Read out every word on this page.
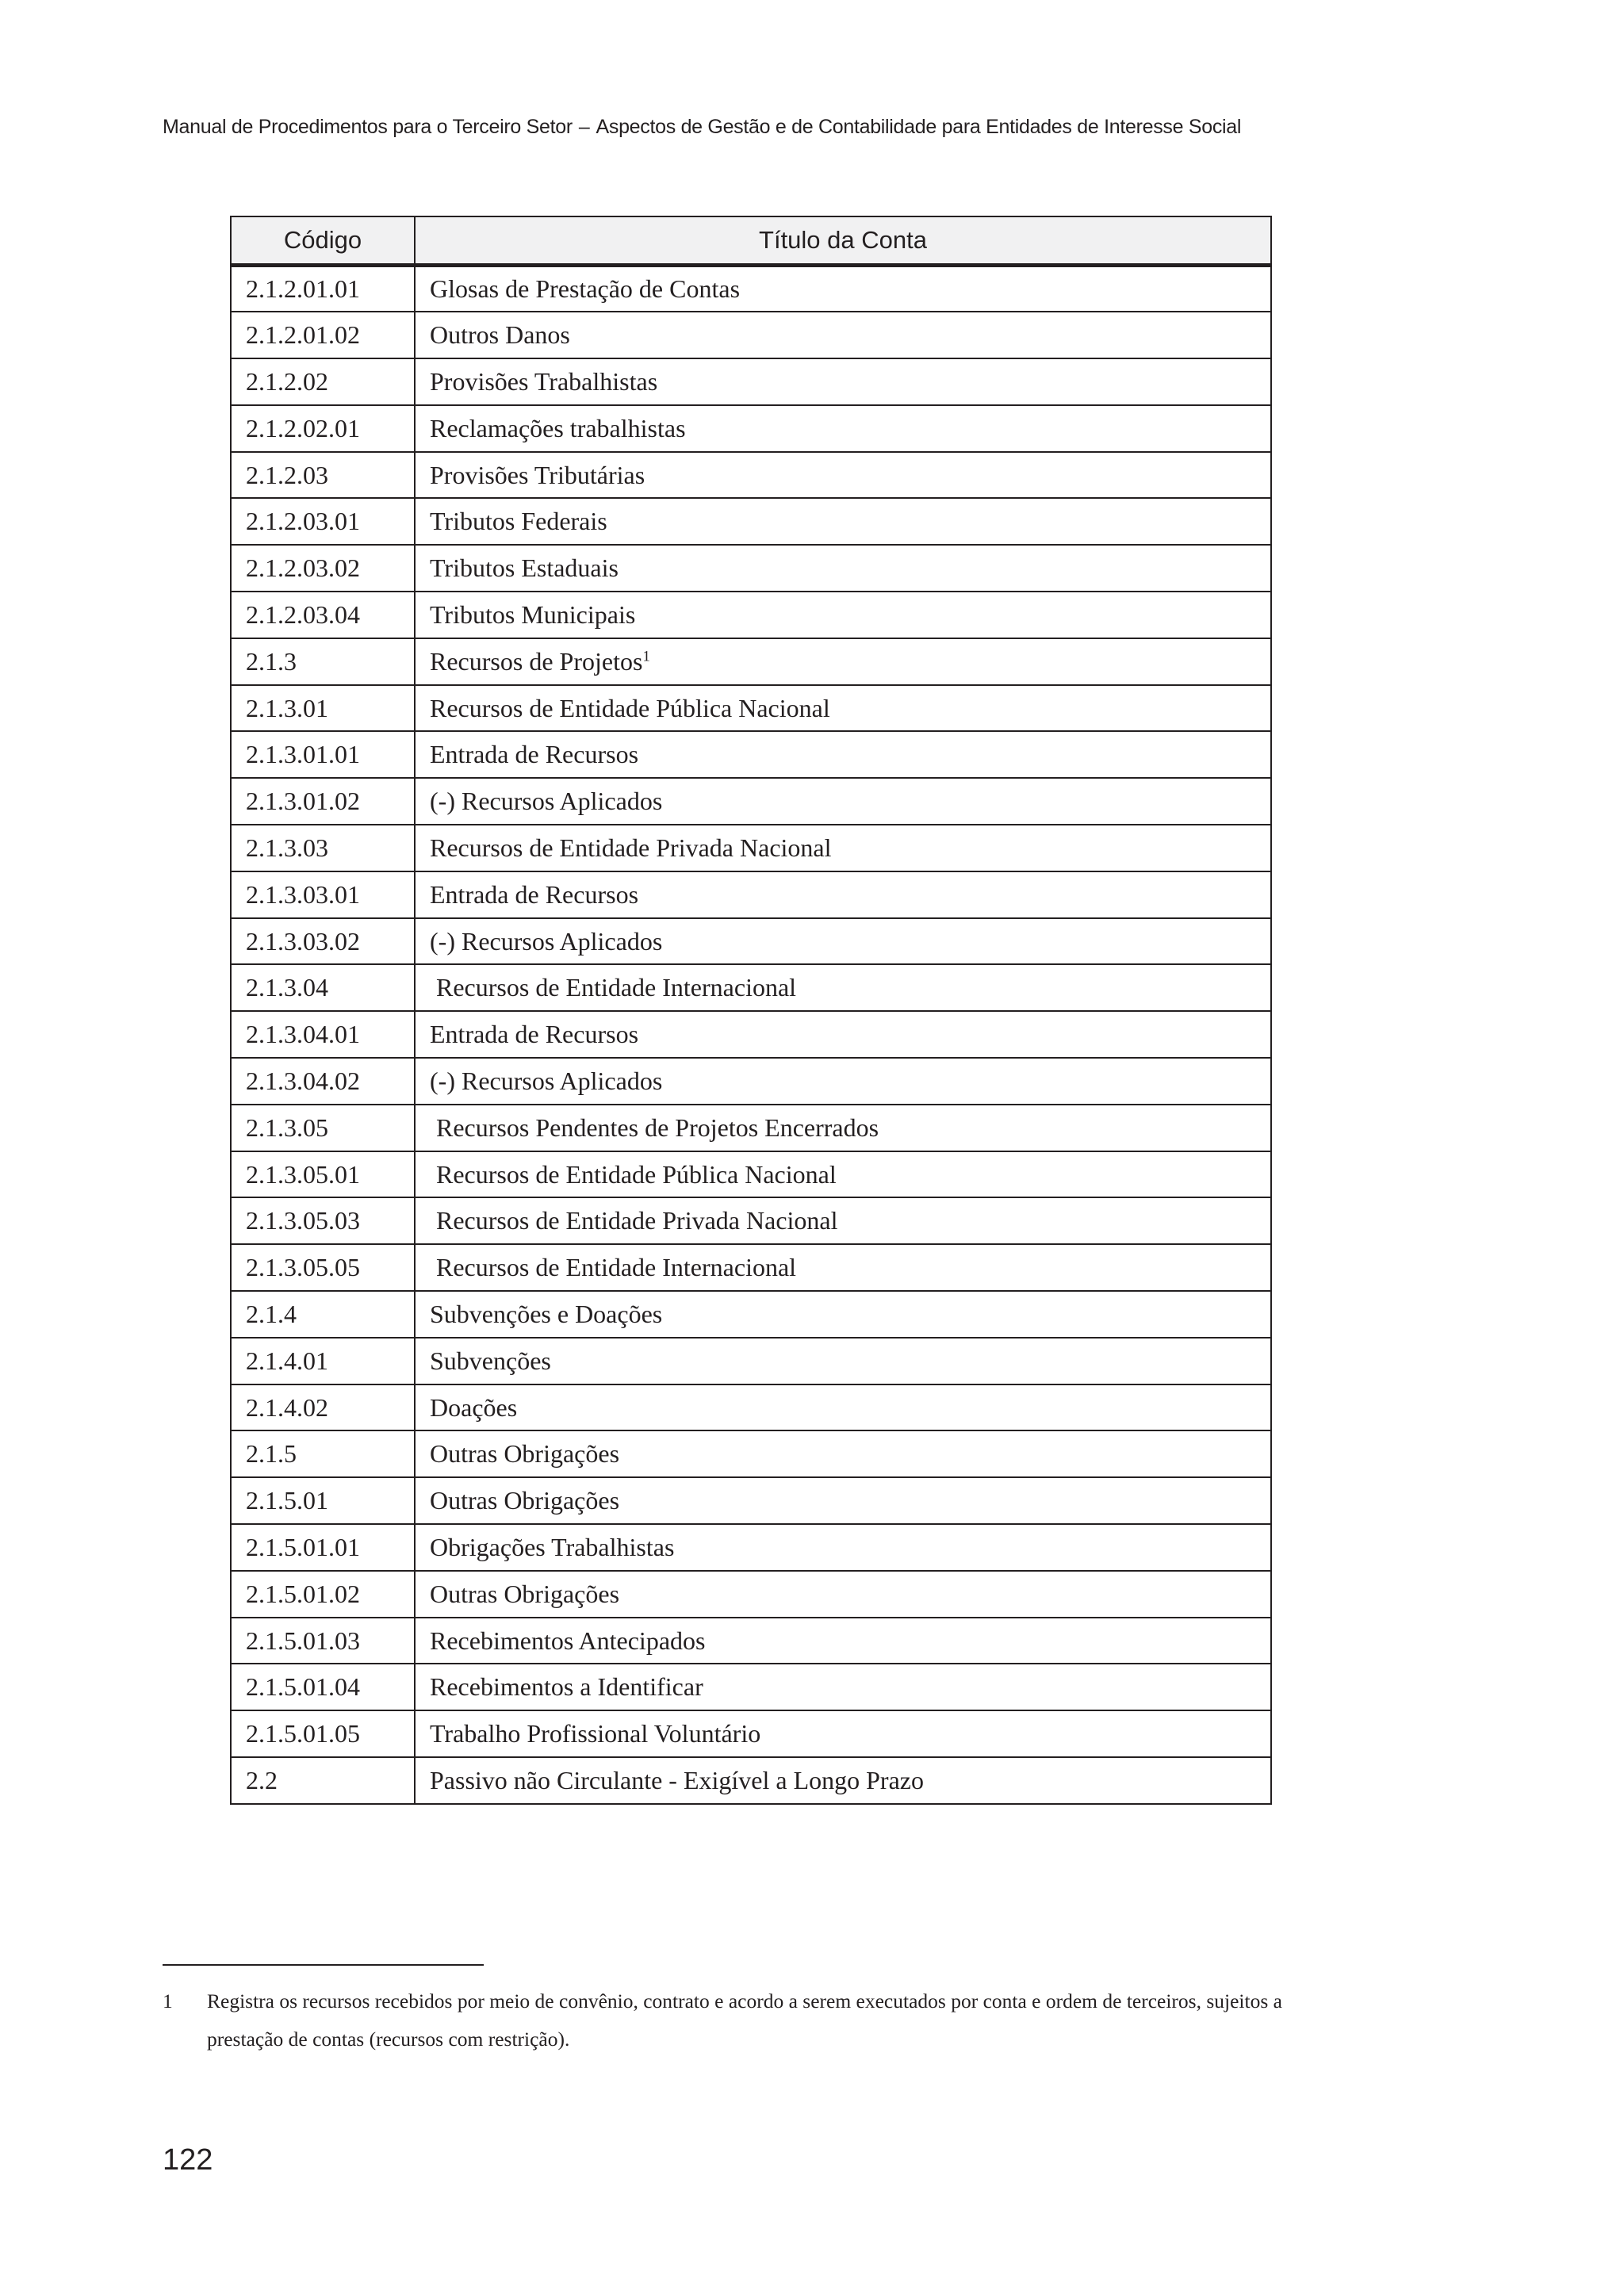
Manual de Procedimentos para o Terceiro Setor – Aspectos de Gestão e de Contabilidade para Entidades de Interesse Social
Código	Título da Conta
2.1.2.01.01	Glosas de Prestação de Contas
2.1.2.01.02	Outros Danos
2.1.2.02	Provisões Trabalhistas
2.1.2.02.01	Reclamações trabalhistas
2.1.2.03	Provisões Tributárias
2.1.2.03.01	Tributos Federais
2.1.2.03.02	Tributos Estaduais
2.1.2.03.04	Tributos Municipais
2.1.3	Recursos de Projetos$^1$
2.1.3.01	Recursos de Entidade Pública Nacional
2.1.3.01.01	Entrada de Recursos
2.1.3.01.02	(-) Recursos Aplicados
2.1.3.03	Recursos de Entidade Privada Nacional
2.1.3.03.01	Entrada de Recursos
2.1.3.03.02	(-) Recursos Aplicados
2.1.3.04	Recursos de Entidade Internacional
2.1.3.04.01	Entrada de Recursos
2.1.3.04.02	(-) Recursos Aplicados
2.1.3.05	Recursos Pendentes de Projetos Encerrados
2.1.3.05.01	Recursos de Entidade Pública Nacional
2.1.3.05.03	Recursos de Entidade Privada Nacional
2.1.3.05.05	Recursos de Entidade Internacional
2.1.4	Subvenções e Doações
2.1.4.01	Subvenções
2.1.4.02	Doações
2.1.5	Outras Obrigações
2.1.5.01	Outras Obrigações
2.1.5.01.01	Obrigações Trabalhistas
2.1.5.01.02	Outras Obrigações
2.1.5.01.03	Recebimentos Antecipados
2.1.5.01.04	Recebimentos a Identificar
2.1.5.01.05	Trabalho Profissional Voluntário
2.2	Passivo não Circulante - Exigível a Longo Prazo
1 Registra os recursos recebidos por meio de convênio, contrato e acordo a serem executados por conta e ordem de terceiros, sujeitos a prestação de contas (recursos com restrição).
122
